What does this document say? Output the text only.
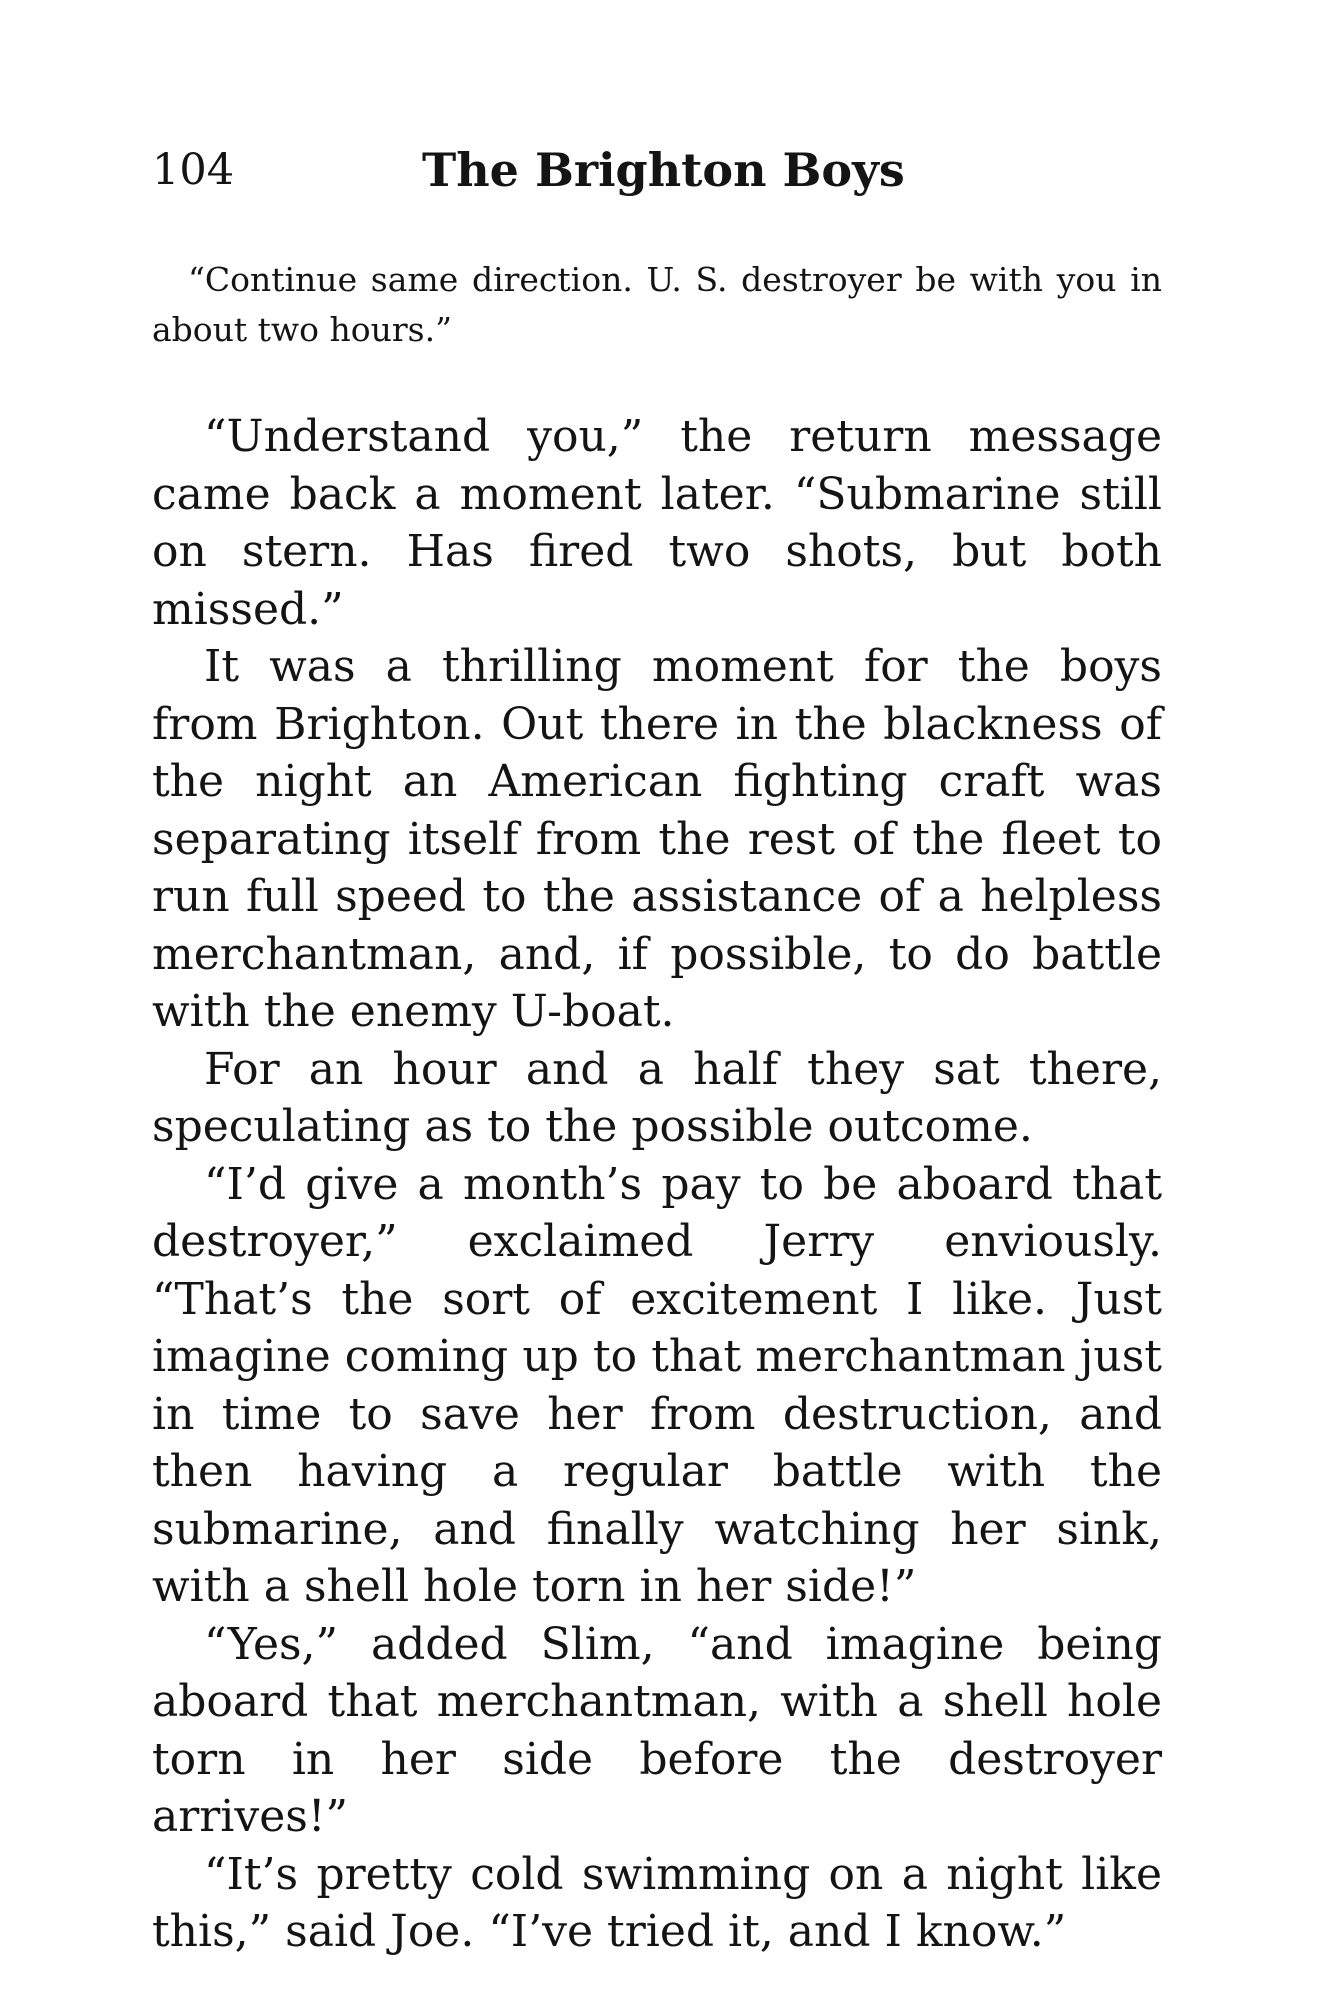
104	The Brighton Boys

“Continue same direction. U. S. destroyer be with you in about two hours.”

“Understand you,” the return message came back a moment later. “Submarine still on stern. Has fired two shots, but both missed.”

It was a thrilling moment for the boys from Brighton. Out there in the blackness of the night an American fighting craft was separating itself from the rest of the fleet to run full speed to the assistance of a helpless merchantman, and, if possible, to do battle with the enemy U-boat.

For an hour and a half they sat there, speculating as to the possible outcome.

“I’d give a month’s pay to be aboard that destroyer,” exclaimed Jerry enviously. “That’s the sort of excitement I like. Just imagine coming up to that merchantman just in time to save her from destruction, and then having a regular battle with the submarine, and finally watching her sink, with a shell hole torn in her side!”

“Yes,” added Slim, “and imagine being aboard that merchantman, with a shell hole torn in her side before the destroyer arrives!”

“It’s pretty cold swimming on a night like this,” said Joe. “I’ve tried it, and I know.”
